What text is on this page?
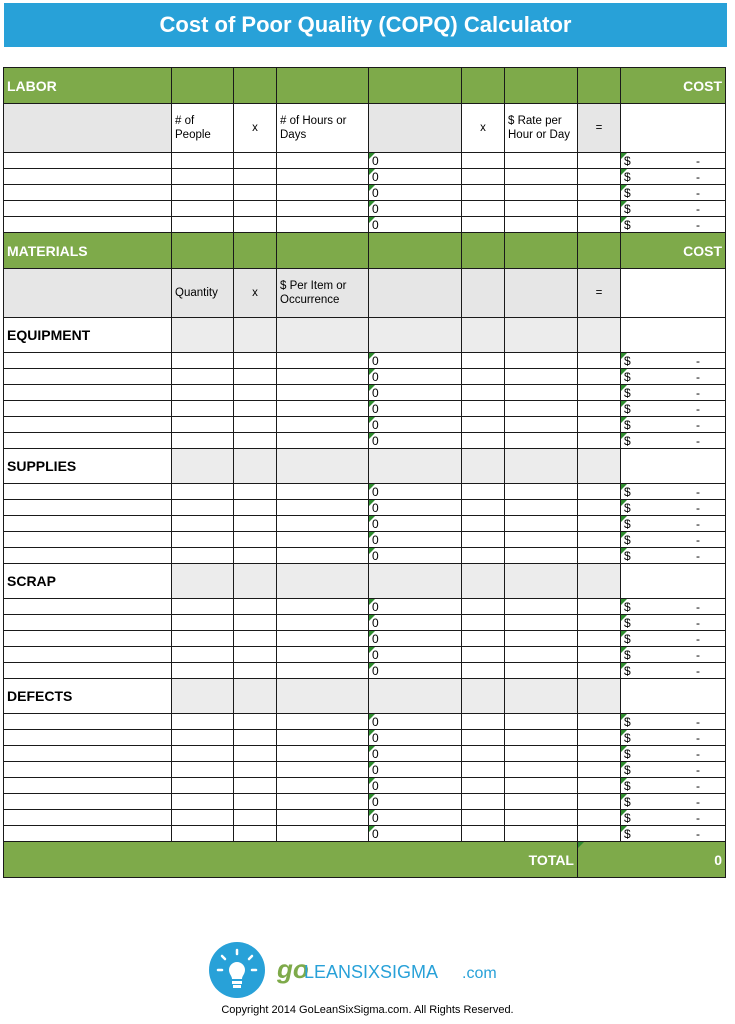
Cost of Poor Quality (COPQ) Calculator
LABOR								COST
	# of People	x	# of Hours or Days		x	$ Rate per Hour or Day	=	
				0				$ -

				0				$ -

				0				$ -

				0				$ -

				0				$ -

MATERIALS								COST
	Quantity	x	$ Per Item or Occurrence				=	
EQUIPMENT								
				0				$ -

				0				$ -

				0				$ -

				0				$ -

				0				$ -

				0				$ -

SUPPLIES								
				0				$ -

				0				$ -

				0				$ -

				0				$ -

				0				$ -

SCRAP								
				0				$ -

				0				$ -

				0				$ -

				0				$ -

				0				$ -

DEFECTS								
				0				$ -

				0				$ -

				0				$ -

				0				$ -

				0				$ -

				0				$ -

				0				$ -

				0				$ -

TOTAL							0	
go
LEANSIXSIGMA .com
Copyright 2014 GoLeanSixSigma.com. All Rights Reserved.
